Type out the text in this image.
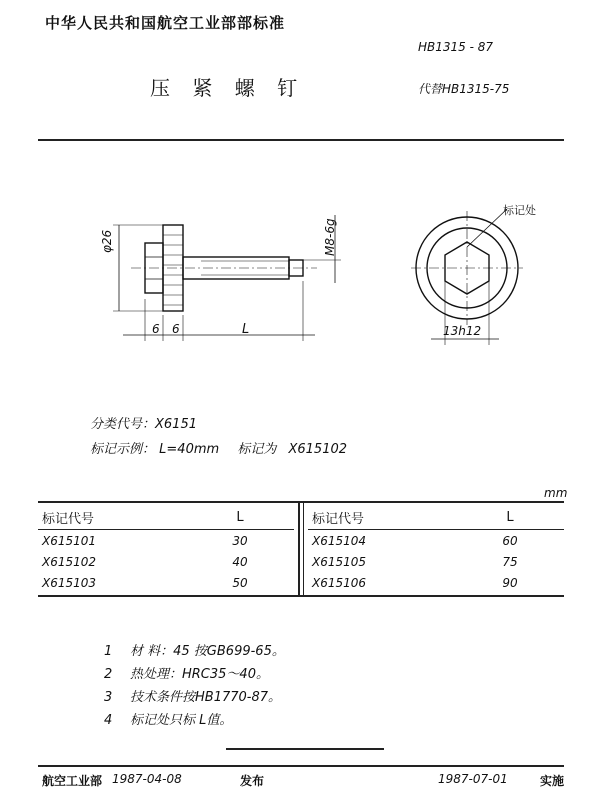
中华人民共和国航空工业部部标准
HB1315 - 87
压 紧 螺 钉	代替HB1315-75
φ26	M8-6g
6 6	L	13h12
标记处
分类代号：X6151
标记示例： L=40mm 标记为 X615102
mm
标记代号	L
X615101	30
X615102	40
X615103	50
标记代号	L
X615104	60
X615105	75
X615106	90
1 材 料：45 按GB699-65。
2 热处理：HRC35～40。
3 技术条件按HB1770-87。
4 标记处只标 L值。
航空工业部 1987-04-08	发布	1987-07-01	实施
